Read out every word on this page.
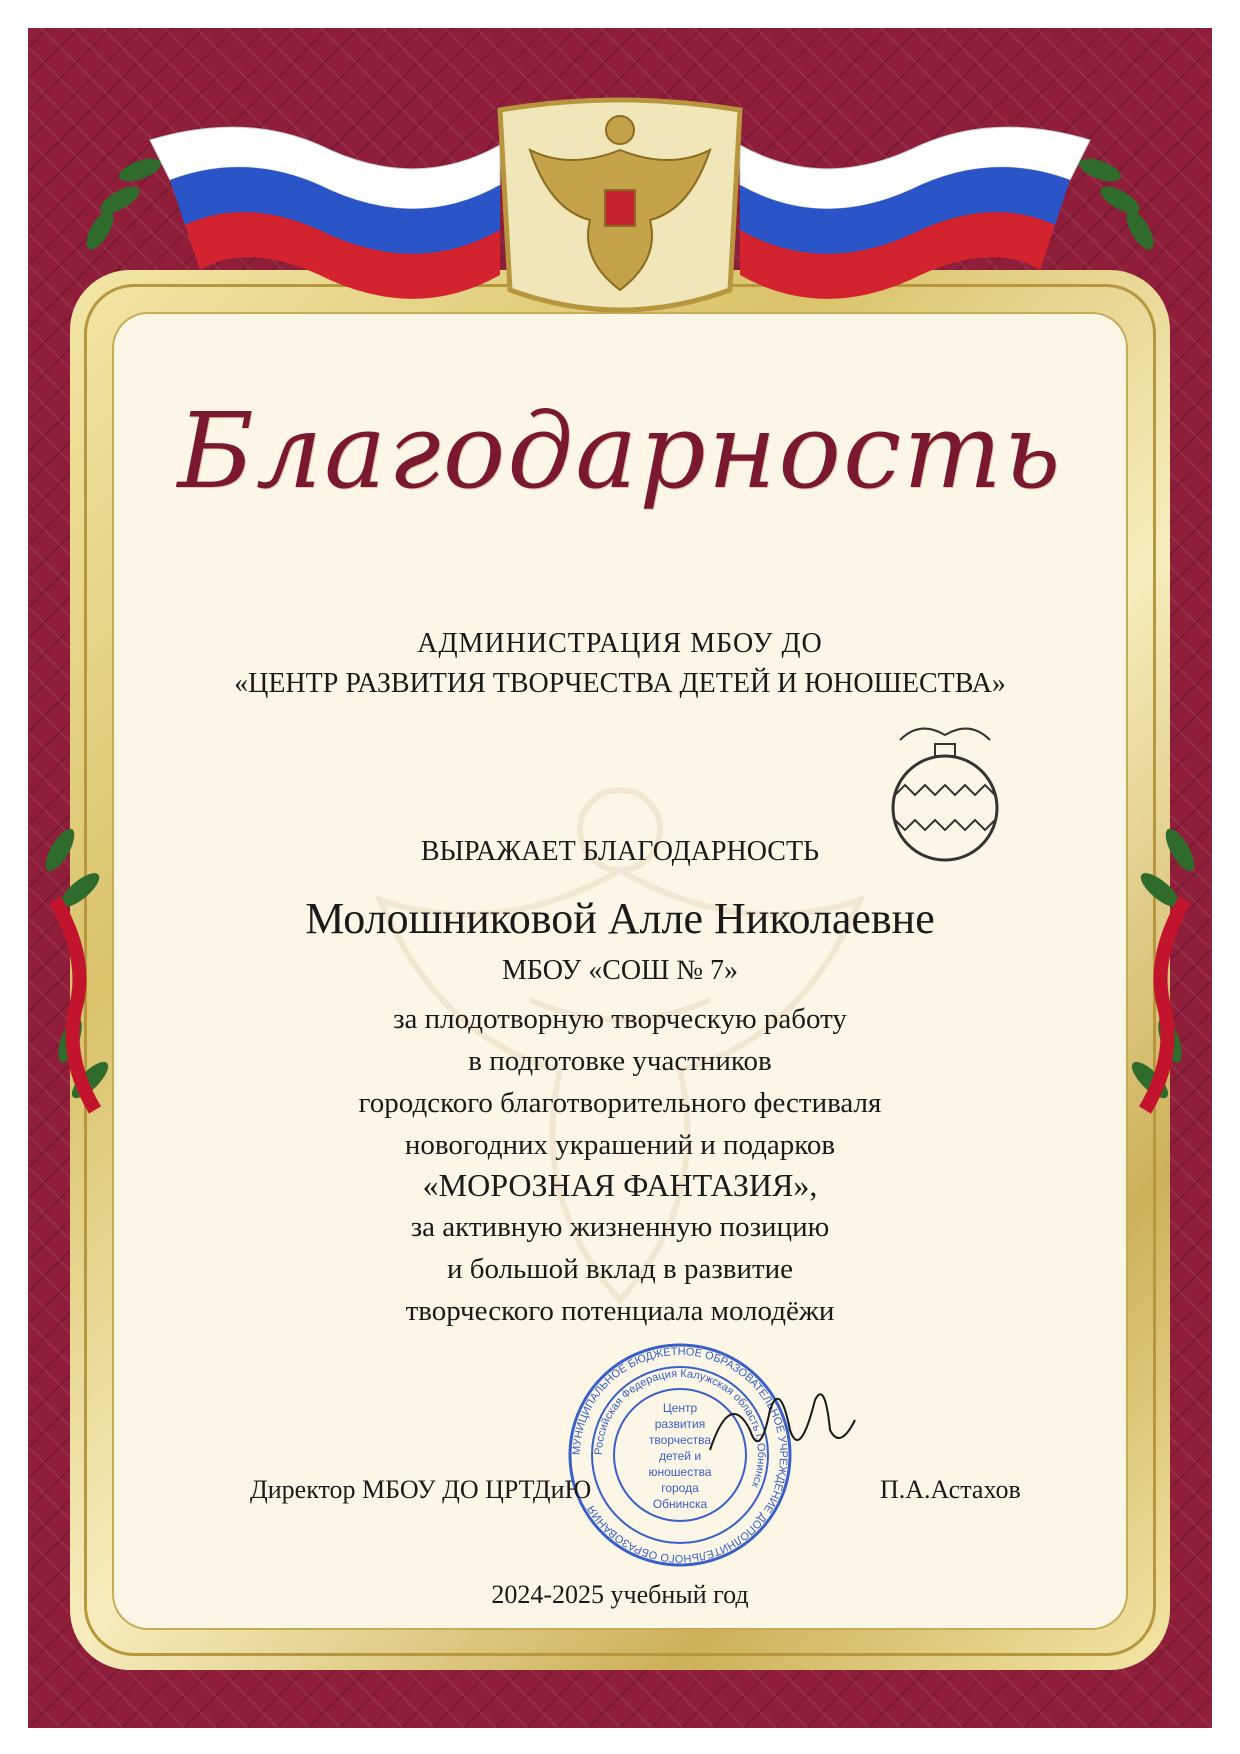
Благодарность
АДМИНИСТРАЦИЯ МБОУ ДО
«ЦЕНТР РАЗВИТИЯ ТВОРЧЕСТВА ДЕТЕЙ И ЮНОШЕСТВА»
ВЫРАЖАЕТ БЛАГОДАРНОСТЬ
Молошниковой Алле Николаевне
МБОУ «СОШ № 7»
за плодотворную творческую работу
в подготовке участников
городского благотворительного фестиваля
новогодних украшений и подарков
«МОРОЗНАЯ ФАНТАЗИЯ»,
за активную жизненную позицию
и большой вклад в развитие
творческого потенциала молодёжи
МУНИЦИПАЛЬНОЕ БЮДЖЕТНОЕ ОБРАЗОВАТЕЛЬНОЕ УЧРЕЖДЕНИЕ ДОПОЛНИТЕЛЬНОГО ОБРАЗОВАНИЯ
Российская Федерация Калужская область г. Обнинск
Центр
развития
творчества
детей и
юношества
города
Обнинска
Директор МБОУ ДО ЦРТДиЮ	П.А.Астахов
2024-2025 учебный год
